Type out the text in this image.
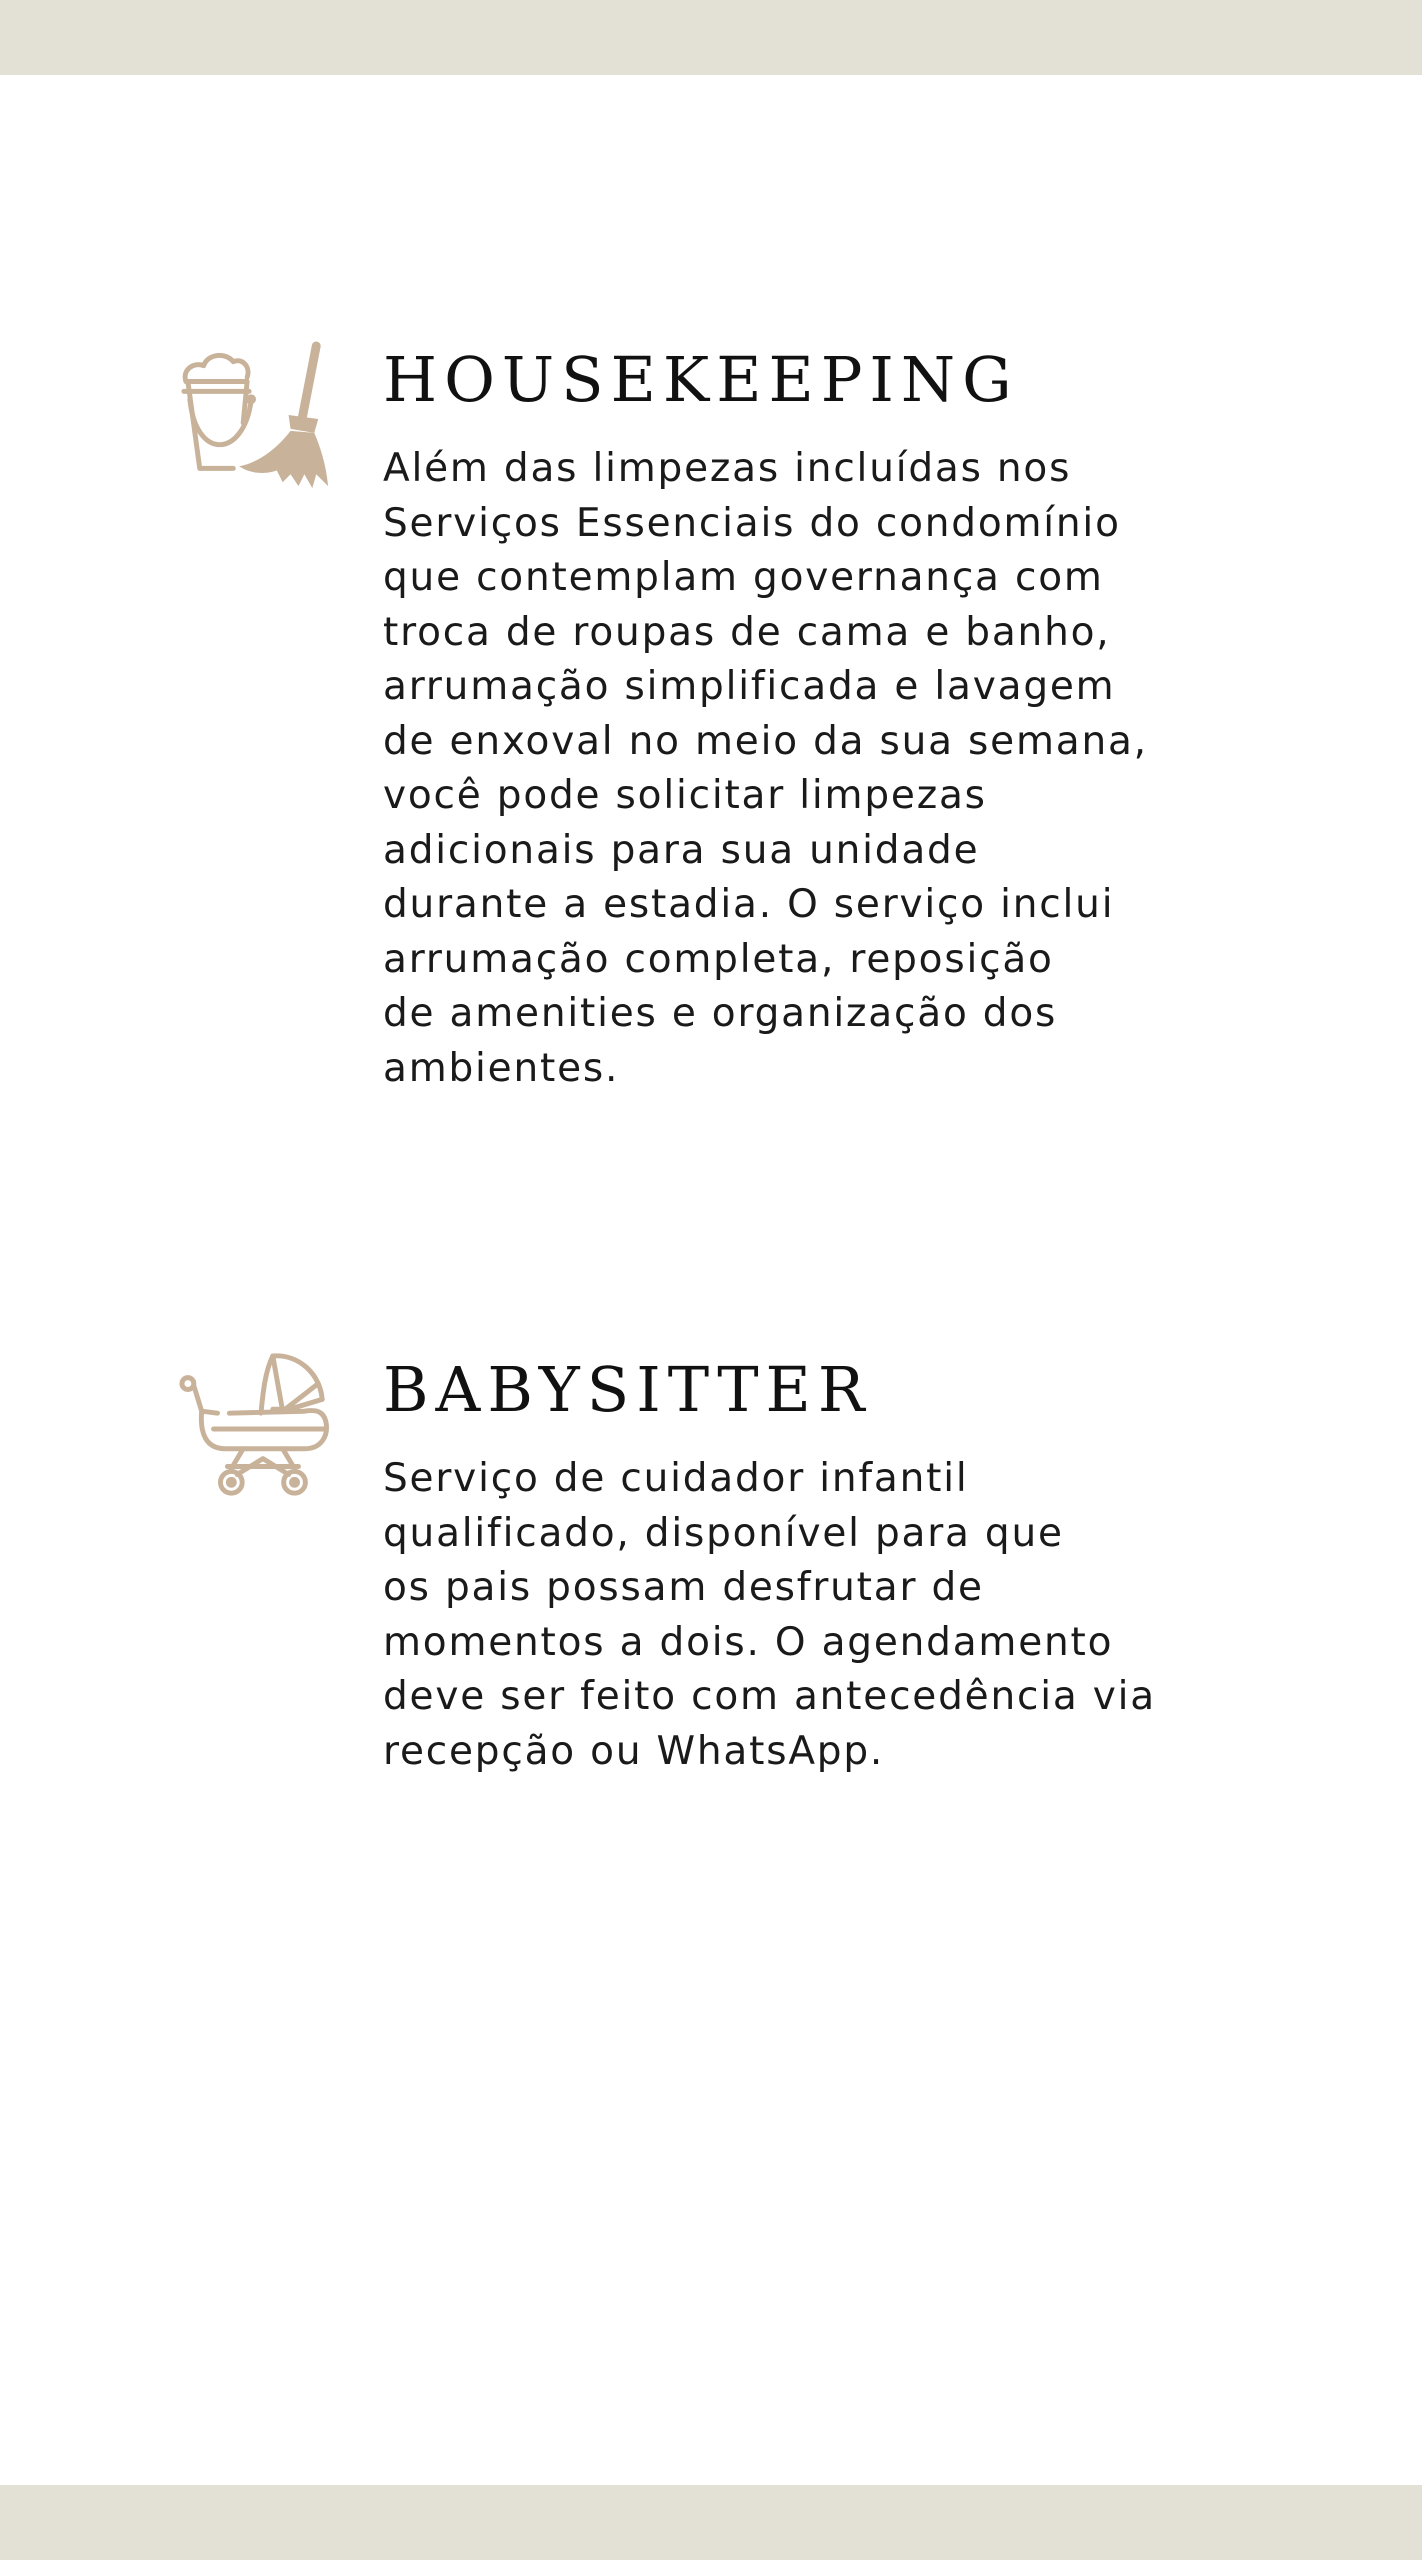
HOUSEKEEPING

Além das limpezas incluídas nos
Serviços Essenciais do condomínio
que contemplam governança com
troca de roupas de cama e banho,
arrumação simplificada e lavagem
de enxoval no meio da sua semana,
você pode solicitar limpezas
adicionais para sua unidade
durante a estadia. O serviço inclui
arrumação completa, reposição
de amenities e organização dos
ambientes.

BABYSITTER

Serviço de cuidador infantil
qualificado, disponível para que
os pais possam desfrutar de
momentos a dois. O agendamento
deve ser feito com antecedência via
recepção ou WhatsApp.
